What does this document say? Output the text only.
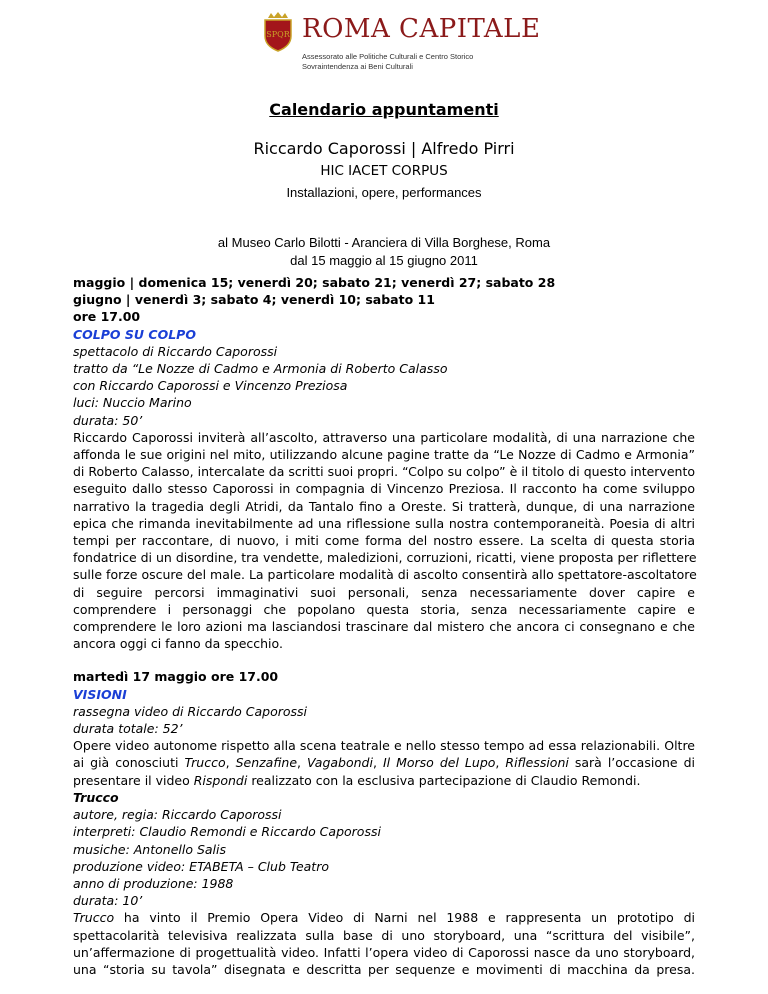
SPQR ROMA CAPITALE
Assessorato alle Politiche Culturali e Centro Storico
Sovraintendenza ai Beni Culturali
Calendario appuntamenti
Riccardo Caporossi | Alfredo Pirri
HIC IACET CORPUS
Installazioni, opere, performances
al Museo Carlo Bilotti - Aranciera di Villa Borghese, Roma
dal 15 maggio al 15 giugno 2011
maggio | domenica 15; venerdì 20; sabato 21; venerdì 27; sabato 28
giugno | venerdì 3; sabato 4; venerdì 10; sabato 11
ore 17.00
COLPO SU COLPO
spettacolo di Riccardo Caporossi
tratto da “Le Nozze di Cadmo e Armonia di Roberto Calasso
con Riccardo Caporossi e Vincenzo Preziosa
luci: Nuccio Marino
durata: 50’
Riccardo Caporossi inviterà all’ascolto, attraverso una particolare modalità, di una narrazione che
affonda le sue origini nel mito, utilizzando alcune pagine tratte da “Le Nozze di Cadmo e Armonia”
di Roberto Calasso, intercalate da scritti suoi propri. “Colpo su colpo” è il titolo di questo intervento
eseguito dallo stesso Caporossi in compagnia di Vincenzo Preziosa. Il racconto ha come sviluppo
narrativo la tragedia degli Atridi, da Tantalo fino a Oreste. Si tratterà, dunque, di una narrazione
epica che rimanda inevitabilmente ad una riflessione sulla nostra contemporaneità. Poesia di altri
tempi per raccontare, di nuovo, i miti come forma del nostro essere. La scelta di questa storia
fondatrice di un disordine, tra vendette, maledizioni, corruzioni, ricatti, viene proposta per riflettere
sulle forze oscure del male. La particolare modalità di ascolto consentirà allo spettatore-ascoltatore
di seguire percorsi immaginativi suoi personali, senza necessariamente dover capire e
comprendere i personaggi che popolano questa storia, senza necessariamente capire e
comprendere le loro azioni ma lasciandosi trascinare dal mistero che ancora ci consegnano e che
ancora oggi ci fanno da specchio.
martedì 17 maggio ore 17.00
VISIONI
rassegna video di Riccardo Caporossi
durata totale: 52’
Opere video autonome rispetto alla scena teatrale e nello stesso tempo ad essa relazionabili. Oltre
ai già conosciuti Trucco, Senzafine, Vagabondi, Il Morso del Lupo, Riflessioni sarà l’occasione di
presentare il video Rispondi realizzato con la esclusiva partecipazione di Claudio Remondi.
Trucco
autore, regia: Riccardo Caporossi
interpreti: Claudio Remondi e Riccardo Caporossi
musiche: Antonello Salis
produzione video: ETABETA – Club Teatro
anno di produzione: 1988
durata: 10’
Trucco ha vinto il Premio Opera Video di Narni nel 1988 e rappresenta un prototipo di
spettacolarità televisiva realizzata sulla base di uno storyboard, una “scrittura del visibile”,
un’affermazione di progettualità video. Infatti l’opera video di Caporossi nasce da uno storyboard,
una “storia su tavola” disegnata e descritta per sequenze e movimenti di macchina da presa.
